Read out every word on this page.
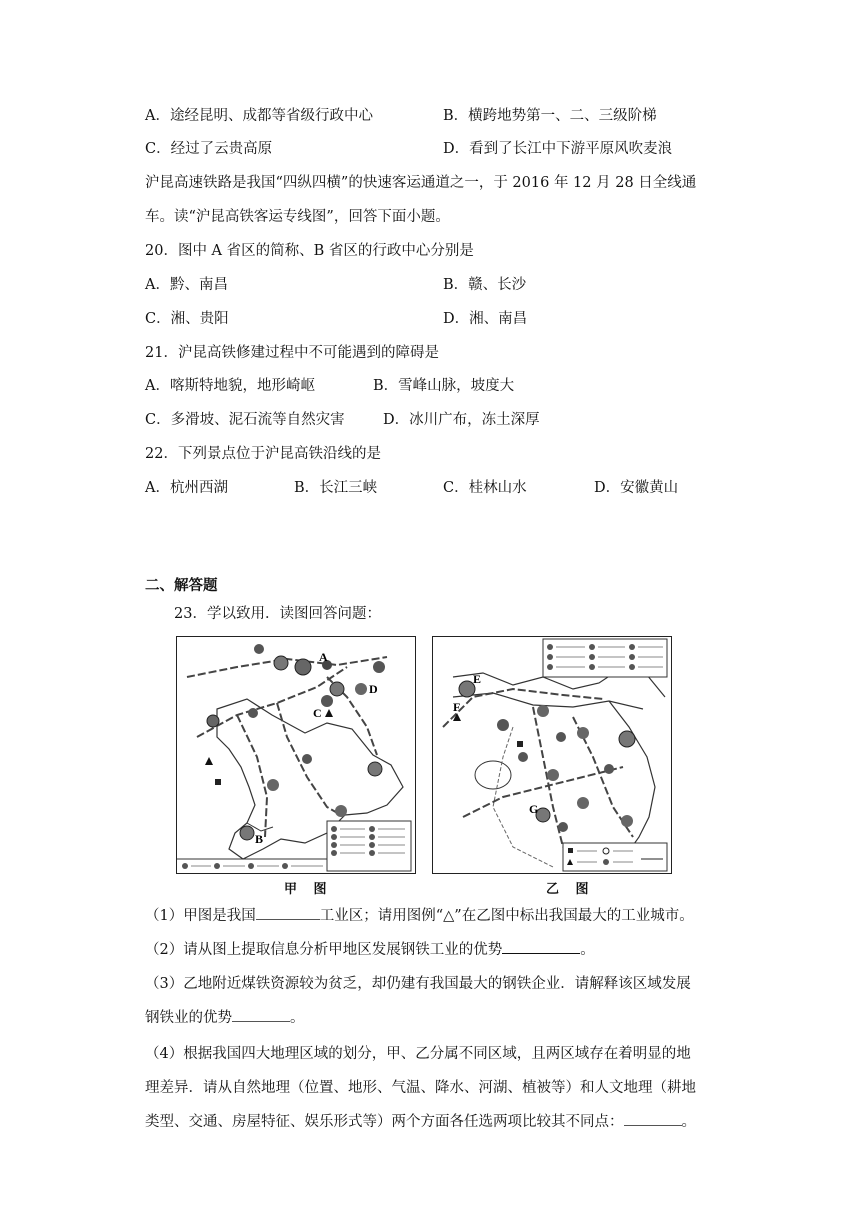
A．途经昆明、成都等省级行政中心	B．横跨地势第一、二、三级阶梯
C．经过了云贵高原	D．看到了长江中下游平原风吹麦浪
沪昆高速铁路是我国“四纵四横”的快速客运通道之一，于 2016 年 12 月 28 日全线通
车。读“沪昆高铁客运专线图”，回答下面小题。
20．图中 A 省区的简称、B 省区的行政中心分别是
A．黔、南昌	B．赣、长沙
C．湘、贵阳	D．湘、南昌
21．沪昆高铁修建过程中不可能遇到的障碍是
A．喀斯特地貌，地形崎岖	B．雪峰山脉，坡度大
C．多滑坡、泥石流等自然灾害	D．冰川广布，冻土深厚
22．下列景点位于沪昆高铁沿线的是
A．杭州西湖	B．长江三峡	C．桂林山水	D．安徽黄山
二、解答题
23．学以致用．读图回答问题：
A
D
C
B
E
F
G
甲 图	乙 图
（1）甲图是我国	工业区；请用图例“△”在乙图中标出我国最大的工业城市。
（2）请从图上提取信息分析甲地区发展钢铁工业的优势	。
（3）乙地附近煤铁资源较为贫乏，却仍建有我国最大的钢铁企业．请解释该区域发展
钢铁业的优势	。
（4）根据我国四大地理区域的划分，甲、乙分属不同区域，且两区域存在着明显的地
理差异．请从自然地理（位置、地形、气温、降水、河湖、植被等）和人文地理（耕地
类型、交通、房屋特征、娱乐形式等）两个方面各任选两项比较其不同点：	。
